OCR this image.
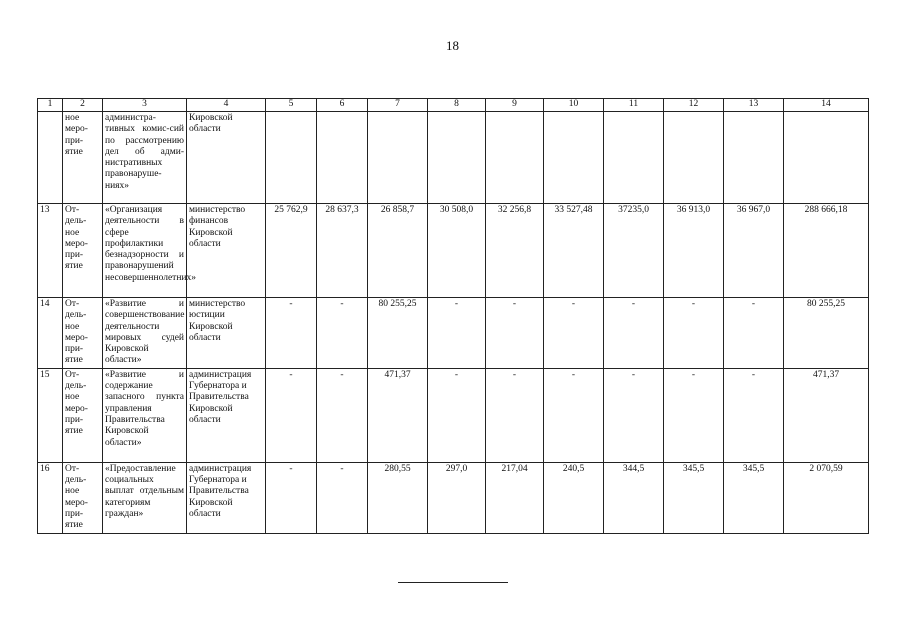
18
1	2	3	4	5	6	7	8	9	10	11	12	13	14
	ное меро-при-ятие	администра-тивных комис-сий по рассмотрению дел об адми-нистративных правонаруше-ниях»	Кировской области										
13	От-дель-ное меро-при-ятие	«Организация деятельности в сфере профилактики безнадзорности и правонарушений несовершеннолетних»	министерство финансов Кировской области	25 762,9	28 637,3	26 858,7	30 508,0	32 256,8	33 527,48	37235,0	36 913,0	36 967,0	288 666,18
14	От-дель-ное меро-при-ятие	«Развитие и совершенствование деятельности мировых судей Кировской области»	министерство юстиции Кировской области	-	-	80 255,25	-	-	-	-	-	-	80 255,25
15	От-дель-ное меро-при-ятие	«Развитие и содержание запасного пункта управления Правительства Кировской области»	администрация Губернатора и Правительства Кировской области	-	-	471,37	-	-	-	-	-	-	471,37
16	От-дель-ное меро-при-ятие	«Предоставление социальных выплат отдельным категориям граждан»	администрация Губернатора и Правительства Кировской области	-	-	280,55	297,0	217,04	240,5	344,5	345,5	345,5	2 070,59
